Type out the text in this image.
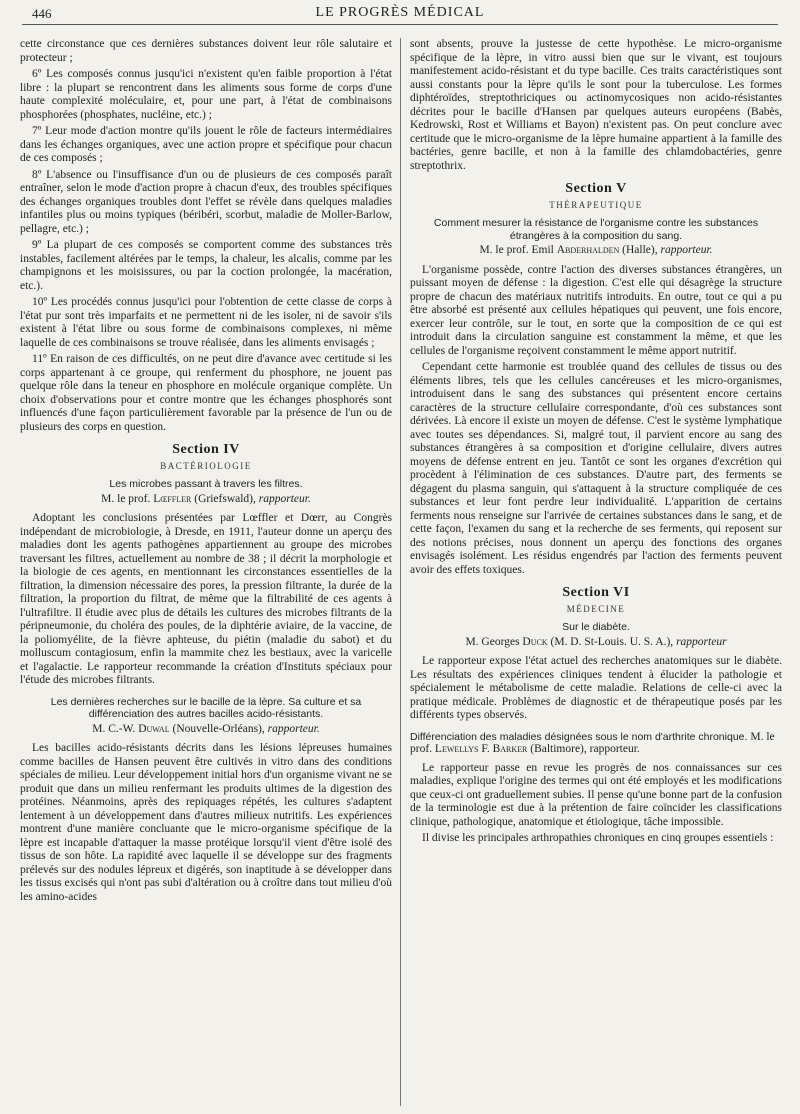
446	LE PROGRÈS MÉDICAL

cette circonstance que ces dernières substances doivent leur rôle salutaire et protecteur ;

6º Les composés connus jusqu'ici n'existent qu'en faible proportion à l'état libre : la plupart se rencontrent dans les aliments sous forme de corps d'une haute complexité moléculaire, et, pour une part, à l'état de combinaisons phosphorées (phosphates, nucléine, etc.) ;

7º Leur mode d'action montre qu'ils jouent le rôle de facteurs intermédiaires dans les échanges organiques, avec une action propre et spécifique pour chacun de ces composés ;

8º L'absence ou l'insuffisance d'un ou de plusieurs de ces composés paraît entraîner, selon le mode d'action propre à chacun d'eux, des troubles spécifiques des échanges organiques troubles dont l'effet se révèle dans quelques maladies infantiles plus ou moins typiques (béribéri, scorbut, maladie de Moller-Barlow, pellagre, etc.) ;

9º La plupart de ces composés se comportent comme des substances très instables, facilement altérées par le temps, la chaleur, les alcalis, comme par les champignons et les moisissures, ou par la coction prolongée, la macération, etc.).

10º Les procédés connus jusqu'ici pour l'obtention de cette classe de corps à l'état pur sont très imparfaits et ne permettent ni de les isoler, ni de savoir s'ils existent à l'état libre ou sous forme de combinaisons complexes, ni même laquelle de ces combinaisons se trouve réalisée, dans les aliments envisagés ;

11º En raison de ces difficultés, on ne peut dire d'avance avec certitude si les corps appartenant à ce groupe, qui renferment du phosphore, ne jouent pas quelque rôle dans la teneur en phosphore en molécule organique complète. Un choix d'observations pour et contre montre que les échanges phosphorés sont influencés d'une façon particulièrement favorable par la présence de l'un ou de plusieurs des corps en question.

Section IV
BACTÉRIOLOGIE
Les microbes passant à travers les filtres.
M. le prof. Lœffler (Griefswald), rapporteur.

Adoptant les conclusions présentées par Lœffler et Dœrr, au Congrès indépendant de microbiologie, à Dresde, en 1911, l'auteur donne un aperçu des maladies dont les agents pathogènes appartiennent au groupe des microbes traversant les filtres, actuellement au nombre de 38 ; il décrit la morphologie et la biologie de ces agents, en mentionnant les circonstances essentielles de la filtration, la dimension nécessaire des pores, la pression filtrante, la durée de la filtration, la proportion du filtrat, de même que la filtrabilité de ces agents à l'ultrafiltre. Il étudie avec plus de détails les cultures des microbes filtrants de la péripneumonie, du choléra des poules, de la diphtérie aviaire, de la vaccine, de la poliomyélite, de la fièvre aphteuse, du piétin (maladie du sabot) et du molluscum contagiosum, enfin la mammite chez les bestiaux, avec la varicelle et l'agalactie. Le rapporteur recommande la création d'Instituts spéciaux pour l'étude des microbes filtrants.

Les dernières recherches sur le bacille de la lèpre. Sa culture et sa différenciation des autres bacilles acido-résistants.
M. C.-W. Duwal (Nouvelle-Orléans), rapporteur.

Les bacilles acido-résistants décrits dans les lésions lépreuses humaines comme bacilles de Hansen peuvent être cultivés in vitro dans des conditions spéciales de milieu. Leur développement initial hors d'un organisme vivant ne se produit que dans un milieu renfermant les produits ultimes de la digestion des protéines. Néanmoins, après des repiquages répétés, les cultures s'adaptent lentement à un développement dans d'autres milieux nutritifs. Les expériences montrent d'une manière concluante que le micro-organisme spécifique de la lèpre est incapable d'attaquer la masse protéique lorsqu'il vient d'être isolé des tissus de son hôte. La rapidité avec laquelle il se développe sur des fragments prélevés sur des nodules lépreux et digérés, son inaptitude à se développer dans les tissus excisés qui n'ont pas subi d'altération ou à croître dans tout milieu d'où les amino-acides

sont absents, prouve la justesse de cette hypothèse. Le micro-organisme spécifique de la lèpre, in vitro aussi bien que sur le vivant, est toujours manifestement acido-résistant et du type bacille. Ces traits caractéristiques sont aussi constants pour la lèpre qu'ils le sont pour la tuberculose. Les formes diphtéroïdes, streptothriciques ou actinomycosiques non acido-résistantes décrites pour le bacille d'Hansen par quelques auteurs européens (Babès, Kedrowski, Rost et Williams et Bayon) n'existent pas. On peut conclure avec certitude que le micro-organisme de la lèpre humaine appartient à la famille des bactéries, genre bacille, et non à la famille des chlamdobactéries, genre streptothrix.

Section V
THÉRAPEUTIQUE
Comment mesurer la résistance de l'organisme contre les substances étrangères à la composition du sang.
M. le prof. Emil Abderhalden (Halle), rapporteur.

L'organisme possède, contre l'action des diverses substances étrangères, un puissant moyen de défense : la digestion. C'est elle qui désagrège la structure propre de chacun des matériaux nutritifs introduits. En outre, tout ce qui a pu être absorbé est présenté aux cellules hépatiques qui peuvent, une fois encore, exercer leur contrôle, sur le tout, en sorte que la composition de ce qui est introduit dans la circulation sanguine est constamment la même, et que les cellules de l'organisme reçoivent constamment le même apport nutritif.

Cependant cette harmonie est troublée quand des cellules de tissus ou des éléments libres, tels que les cellules cancéreuses et les micro-organismes, introduisent dans le sang des substances qui présentent encore certains caractères de la structure cellulaire correspondante, d'où ces substances sont dérivées. Là encore il existe un moyen de défense. C'est le système lymphatique avec toutes ses dépendances. Si, malgré tout, il parvient encore au sang des substances étrangères à sa composition et d'origine cellulaire, divers autres moyens de défense entrent en jeu. Tantôt ce sont les organes d'excrétion qui procèdent à l'élimination de ces substances. D'autre part, des ferments se dégagent du plasma sanguin, qui s'attaquent à la structure compliquée de ces substances et leur font perdre leur individualité. L'apparition de certains ferments nous renseigne sur l'arrivée de certaines substances dans le sang, et de cette façon, l'examen du sang et la recherche de ses ferments, qui reposent sur des notions précises, nous donnent un aperçu des fonctions des organes envisagés isolément. Les résidus engendrés par l'action des ferments peuvent avoir des effets toxiques.

Section VI
MÉDECINE
Sur le diabète.
M. Georges Duck (M. D. St-Louis. U. S. A.), rapporteur

Le rapporteur expose l'état actuel des recherches anatomiques sur le diabète. Les résultats des expériences cliniques tendent à élucider la pathologie et spécialement le métabolisme de cette maladie. Relations de celle-ci avec la pratique médicale. Problèmes de diagnostic et de thérapeutique posés par les différents types observés.

Différenciation des maladies désignées sous le nom d'arthrite chronique. M. le prof. Lewellys F. Barker (Baltimore), rapporteur.

Le rapporteur passe en revue les progrès de nos connaissances sur ces maladies, explique l'origine des termes qui ont été employés et les modifications que ceux-ci ont graduellement subies. Il pense qu'une bonne part de la confusion de la terminologie est due à la prétention de faire coïncider les classifications clinique, pathologique, anatomique et étiologique, tâche impossible.

Il divise les principales arthropathies chroniques en cinq groupes essentiels :
